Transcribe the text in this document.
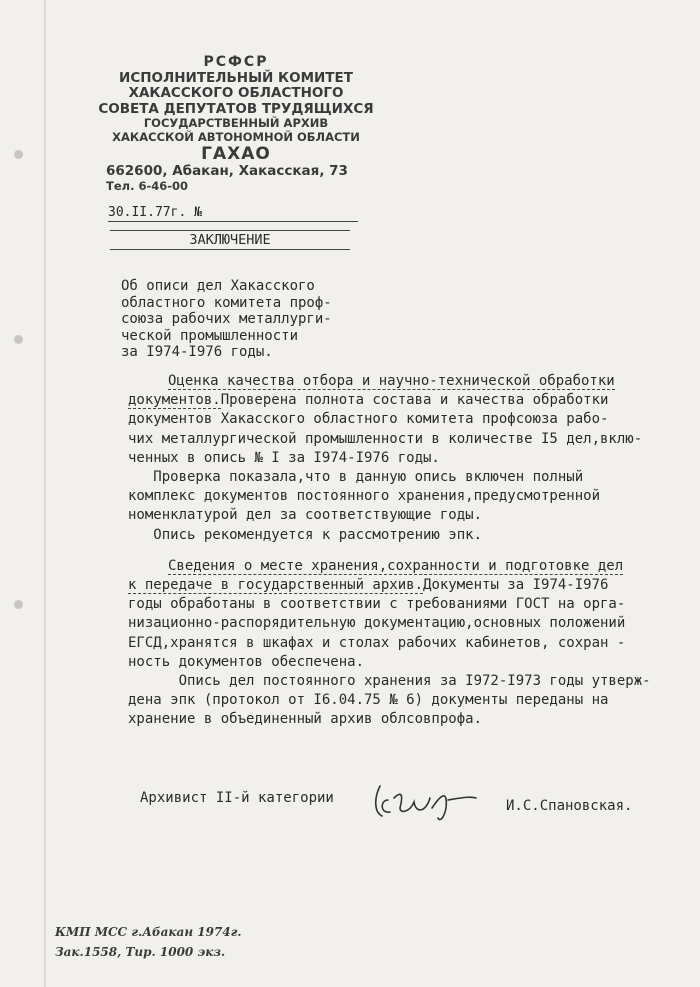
РСФСР
ИСПОЛНИТЕЛЬНЫЙ КОМИТЕТ
ХАКАССКОГО ОБЛАСТНОГО
СОВЕТА ДЕПУТАТОВ ТРУДЯЩИХСЯ
ГОСУДАРСТВЕННЫЙ АРХИВ
ХАКАССКОЙ АВТОНОМНОЙ ОБЛАСТИ
ГАХАО
662600, Абакан, Хакасская, 73
Тел. 6-46-00
30.II.77г. №
ЗАКЛЮЧЕНИЕ
Об описи дел Хакасского
областного комитета проф-
союза рабочих металлурги-
ческой промышленности
за I974-I976 годы.
Оценка качества отбора и научно-технической обработки
документов.Проверена полнота состава и качества обработки
документов Хакасского областного комитета профсоюза рабо-
чих металлургической промышленности в количестве I5 дел,вклю-
ченных в опись № I за I974-I976 годы.
Проверка показала,что в данную опись включен полный
комплекс документов постоянного хранения,предусмотренной
номенклатурой дел за соответствующие годы.
Опись рекомендуется к рассмотрению эпк.
Сведения о месте хранения,сохранности и подготовке дел
к передаче в государственный архив.Документы за I974-I976
годы обработаны в соответствии с требованиями ГОСТ на орга-
низационно-распорядительную документацию,основных положений
ЕГСД,хранятся в шкафах и столах рабочих кабинетов, сохран -
ность документов обеспечена.
Опись дел постоянного хранения за I972-I973 годы утверж-
дена эпк (протокол от I6.04.75 № 6) документы переданы на
хранение в объединенный архив облсовпрофа.
Архивист II-й категории	И.С.Спановская.
КМП МСС г.Абакан 1974г.
Зак.1558, Тир. 1000 экз.
